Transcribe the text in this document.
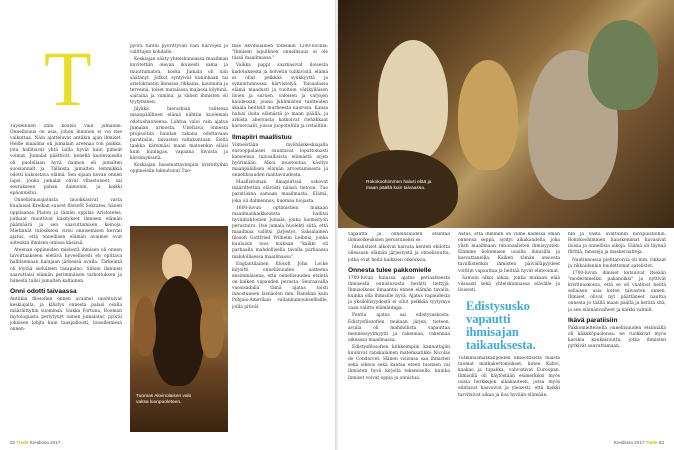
T

Täydellinen onni koulsu vain jumalille. Onnellisuus on asia, johon ihminen ei voi itse vaikuttaa. Näin ajatteluvat antiikin ajan ihmiset. Heille maailma oli jumalain areenaa ton paikka, jota hallitsivat yhtä laillа hyvät kuin pimeät voimat. Jumalat päättivät, kenellä kuolevaisella oli puolellaan hyvä daimon eli jumalten suosiannalt ja. Tällaista jumalten lemmikkiä odotti kukoistava elämä. Sen sijaan kovan onnen lapsi, jonka jumalat olivat vihastuneet, sai seurakseen pahan daimonin, ja kaikki epäonnistui.

Onnellisuusajatusta muokkasivat vasta kuuluisat Kreikan suuret filosofit Sokrates, hänen oppilaansa Platon ja tämän oppilas Aristoteles, joitkaat muuttivat käsitykset ihmisen elämän päämäärä ja sen saavuttamisen keinoja. Mietinnät tulosiksesi virisi onnisemisen kerran ajatus, että onnellisen elämän avaimet ovat siitenkin ihmisen omissa käsissä.

Ateenan oppineiden mielestä ihmisen oli onnen tavoittaakseen eletävä hyveellisesti eli opittava hallitsemaan halujaan järkensä avulla. Tärkeintä oli löytää sielulleen tasapaino. Silloin ihminen saavuttaisi elämän perimmäisen tarkoituksen ja hänestä tulisi jumalten kaltainen.

Onni odotti taivaassa

Antiikin filosofien onnen avaimet unohtuivat keskiajalla, ja kilistys onnesta palasi osalla määräittyhin suominsa. Vaikka Fortuna, Rooman mytologiasta periytynyt onnen jumalatar, pyöräi jokaisen lohjta kuin taaspalloisti, toisellemiesä onnen-

pyörä tuntui pyörittyvän vain harvojen ja valittujen kohdalle.

Keskiajan sääty-yhteiskunnassa maailman kuvitettiin olevan ikuisesti sama ja muuttumaton, koska Jumala oli niin säätänyt. Jotkut syntyivät kuninkaan tai aristokraatin linnassa rikkaina, kaunnina ja terveinä, toiset matalassa majassa köyhinä, sairaina ja ruminа, ja siihen ihmisten oli tyytyminen.

Jäykkä hierarkian valitessa maanpäällinen elämä nähtiin kuoleman odotushuoneena. Lohtua valoi vain ajatus Jumalan armosta. Uneltava onnesta projisoitiin haudan takana odottavaan paratiisiin, taivasten valtakuntaan. Siellä taakka kärsimäsi maan matoenkin eläisi kuin kuningas, vapaana kivusta ja kärsimyksistä.

Keskiajan haasmattavimpiin kristittyihin oppineisiin lukeutunut Tuo-

Tuomas Akvinolaisen valo vaksa luonpuoleteen.

mas Akvinolainen totesikin 1200-luvulla: "Ihmisen lopullinen onnellisuus ei ole tässä maailmassa."

Vaikka pappi saarnasivat iloisesta kadotuksesta ja helvetin tulikivistä, elämä ei ollut pelkkää synkkyyttä ja synnintunnossa kärvistelyä. Toisaalassa elämä maadusti ja tuoltoin värikylläisen iloien ja suruen, valoisen ja varjojen kaudessan, joissa juhlimisten tuntteiden skaala heittelit murheesta naurusn. Kansa halusi iloita elämästä jo maan päällä, ja arkista ahersusta katkoivat riehakkaat karnevaalit, joissa juopoteltiin ja irstailtiin.

Ilmapiiri maallistuu

Viimeistään myöhäiskeskiajalla eurooppalaiset suuntavat loputtomasti katseensa taivaallisista elämästä arjen hyöriniään. Alkoi muotoutua käsitys maanpäällisen elämän arvostamisesta ja onnelllisuuden mahtavuudesta.

Maallistuman ilmapiirissä uskovat määrittettiin elävästi näissä tietoon. Tuo paratiisina samaan maailmasta. Elämä, joka oli dalmennus, huomaa luojasta.

1600-luvun optimistien mukaan maailmankaikkeuteta hallitsi hyväntahtoinen Jumala, jonka luomistyön perustuiru. Itse jumala huolehti siitä, että maailmaa vallitsi järjestys. Saksalainen filosofi Gottfried Wilhelm Leibniz, jonka kuuluisin teos mukaan "kaikki oli parhaalla mahdollisella tavalla parhaassa mahdollisessa maailmassa".

Englantilainen filosofi John Locke kirjoitti onnellisuuden aatteena ensimmäisena, että onnellisuuden etsintä on kaiken vapauden perusta. Seuraavalla vuosisadalla tämä ajatus toisti innostuneen läsnäolon mm. Ranskan kuin Pohjois-Amerikan vallankumouksellisille, joilla pitivät

52 Tiede Kreidiosa 2017
Rokokoohimmen halusi elää ja maan päällä kuin taivaassa.

vapautta ja onnellisuuden etsintää ihmisoikeuksien perustuneksi se.

Idealistiset alkoivat kaivata kenten ehdotta ollessaan elämän järjestystä ja onnelisuutta, jotka ovat heitä kaikkien oikeuksia.

Onnesta tulee pakkomielle

1700-luvun kulussa ajatus periaatteesta ihmisestä onnistuvasta herätti tiettyjä. Ihmisoikeus ilmaantui ennen elämän tavalla, kuinka olla ihmisille hyvä. Ajatus vapaudesta ja yksilöllisyydestä ei ollut pelkkää tyytymys vaan valittu elämäntapa.

Pontta ajatus sai edistysuskosta. Edistysfilosofien mukaan järjen, tieteen, avulla oli mahdollista vapauttaa mennessyytmyytti ja rakennaa, rakennaa oikeassa maailmassa.

Edistysfilosofien kiihkeimpiin kannattajiin kuuluvat ranskalainen matemaatikko Nicolas de Condorcet. Hänen visionsa saa ihmisten sekä oikeus sekä kantaa eteen tuomien vai ihmisten hyvä kirjolla tekemiselle, kuinka ihmiset voivat oppia ja onnistua.

Aatus, että ihminen on viime kädessä oman onnensa seppä, syntyi aikakaudella, joka ylisti maailmaan rationaalisten ihmisyysten. Elämme kokemisen uusilla ihmisillä ja kasvattaneilla. Kaiken tämän ansiosta tavallistenkin ihmisten päivälläpyydeet voittiin vapauttaa ja heittää hyvät elinvoimat.

Samoin alkoi aikaa, jonka mukaan elää viisaasti sekä yhteiskunnassa elävälle ja iloisesti.

Edistysusko vapautti ihmisajan taikauksesta.

Tutkimusmatkailijoiden ekseottisista maista tuomat matkakertomukset, kuten Kahvi, kaakao ja tupakka, vahvistivat Euroopan. Ihmisillä oli käytöstään esimerkiksi myös uusia herkkujen aikakauteen, jossa myös elintavat kasvoivat ja yleisesti, että kaikki tarvitsivat aikaa ja iloa hyvään elämään.

hin ja vasta avattuihin huvipuistoihin. Rokokoohimmen hauskemmat kuvasivat iloisia ja onnellisia aikoja. Elämä oli täynnä flirttiä, tansseja ja maskeraatteja.

Nautinnoissa piehtaroivia oli mm. rikkaat ja rikkaidenkin huolettomat aatelistot.

1700-luvun ihmiset kutsuivat itseään "modernmeiksi pakanoiksi" ja nyttivät kristinuskossa, että se oli vaatinut heiltä sellaisen asia kuten taivasten onnen. Ihmiset olivat nyt päättäneet nauttia onnesta jo täällä maan päällä ja kerätä sitä, ja sen elämänvaiheet ja kaikki valmiit.

Ikävä paratiisiin

Pakkomielteisellä onnellisuuden etsinnällä oli käänköpuolensa: ne ruokkivat myös karskia kaukaisuutta, jotka ihmisten pyrkivät saavuttamaan.

Kreidiosa 2017 Tiede 53
